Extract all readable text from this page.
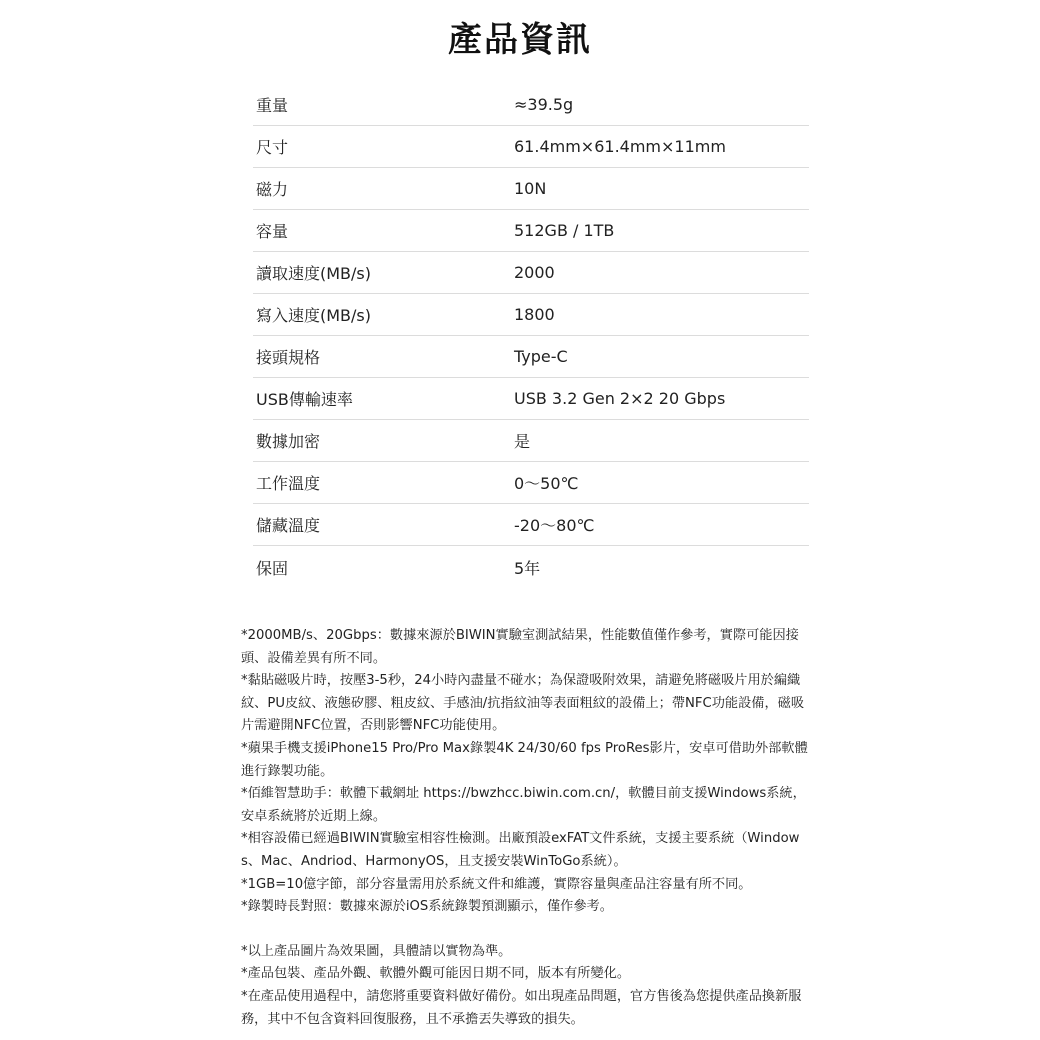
產品資訊
重量	≈39.5g
尺寸	61.4mm×61.4mm×11mm
磁力	10N
容量	512GB / 1TB
讀取速度(MB/s)	2000
寫入速度(MB/s)	1800
接頭規格	Type-C
USB傳輸速率	USB 3.2 Gen 2×2 20 Gbps
數據加密	是
工作溫度	0～50℃
儲藏溫度	-20～80℃
保固	5年

*2000MB/s、20Gbps：數據來源於BIWIN實驗室測試結果，性能數值僅作參考，實際可能因接頭、設備差異有所不同。

*黏貼磁吸片時，按壓3-5秒，24小時內盡量不碰水；為保證吸附效果，請避免將磁吸片用於編織紋、PU皮紋、液態矽膠、粗皮紋、手感油/抗指紋油等表面粗紋的設備上；帶NFC功能設備，磁吸片需避開NFC位置，否則影響NFC功能使用。

*蘋果手機支援iPhone15 Pro/Pro Max錄製4K 24/30/60 fps ProRes影片，安卓可借助外部軟體進行錄製功能。

*佰維智慧助手：軟體下載網址 https://bwzhcc.biwin.com.cn/，軟體目前支援Windows系統，安卓系統將於近期上線。

*相容設備已經過BIWIN實驗室相容性檢測。出廠預設exFAT文件系統，支援主要系統（Windows、Mac、Andriod、HarmonyOS，且支援安裝WinToGo系統）。

*1GB=10億字節，部分容量需用於系統文件和維護，實際容量與產品注容量有所不同。

*錄製時長對照：數據來源於iOS系統錄製預測顯示，僅作參考。

*以上產品圖片為效果圖，具體請以實物為準。

*產品包裝、產品外觀、軟體外觀可能因日期不同，版本有所變化。

*在產品使用過程中，請您將重要資料做好備份。如出現產品問題，官方售後為您提供產品換新服務，其中不包含資料回復服務，且不承擔丟失導致的損失。
